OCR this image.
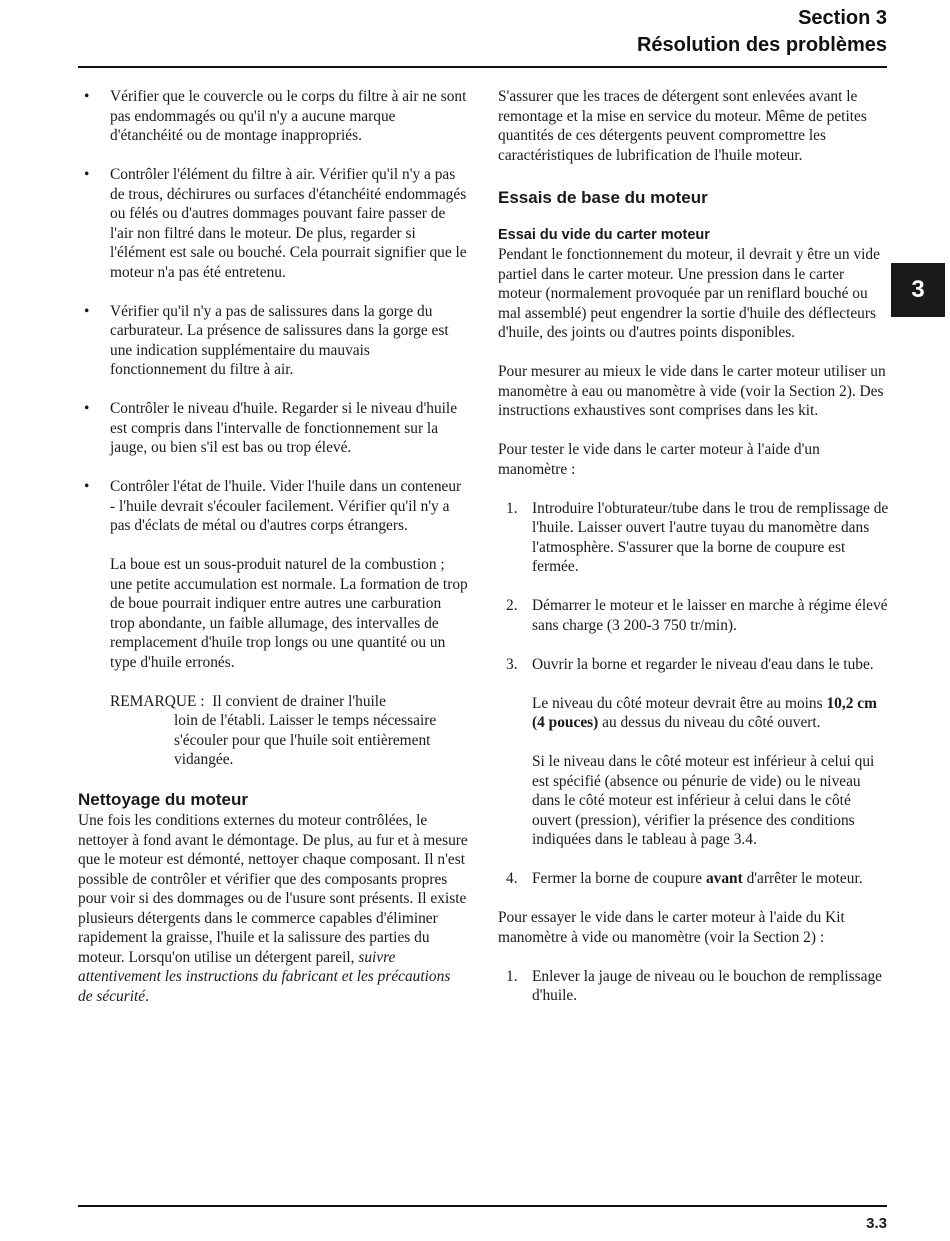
Section 3
Résolution des problèmes
3
• Vérifier que le couvercle ou le corps du filtre à air ne sont pas endommagés ou qu'il n'y a aucune marque d'étanchéité ou de montage inappropriés.

• Contrôler l'élément du filtre à air. Vérifier qu'il n'y a pas de trous, déchirures ou surfaces d'étanchéité endommagés ou félés ou d'autres dommages pouvant faire passer de l'air non filtré dans le moteur. De plus, regarder si l'élément est sale ou bouché. Cela pourrait signifier que le moteur n'a pas été entretenu.

• Vérifier qu'il n'y a pas de salissures dans la gorge du carburateur. La présence de salissures dans la gorge est une indication supplémentaire du mauvais fonctionnement du filtre à air.

• Contrôler le niveau d'huile. Regarder si le niveau d'huile est compris dans l'intervalle de fonctionnement sur la jauge, ou bien s'il est bas ou trop élevé.

• Contrôler l'état de l'huile. Vider l'huile dans un conteneur - l'huile devrait s'écouler facilement. Vérifier qu'il n'y a pas d'éclats de métal ou d'autres corps étrangers.

La boue est un sous-produit naturel de la combustion ; une petite accumulation est normale. La formation de trop de boue pourrait indiquer entre autres une carburation trop abondante, un faible allumage, des intervalles de remplacement d'huile trop longs ou une quantité ou un type d'huile erronés.

REMARQUE : Il convient de drainer l'huile
loin de l'établi. Laisser le temps nécessaire s'écouler pour que l'huile soit entièrement vidangée.
Nettoyage du moteur

Une fois les conditions externes du moteur contrôlées, le nettoyer à fond avant le démontage. De plus, au fur et à mesure que le moteur est démonté, nettoyer chaque composant. Il n'est possible de contrôler et vérifier que des composants propres pour voir si des dommages ou de l'usure sont présents. Il existe plusieurs détergents dans le commerce capables d'éliminer rapidement la graisse, l'huile et la salissure des parties du moteur. Lorsqu'on utilise un détergent pareil, suivre attentivement les instructions du fabricant et les précautions de sécurité.

S'assurer que les traces de détergent sont enlevées avant le remontage et la mise en service du moteur. Même de petites quantités de ces détergents peuvent compromettre les caractéristiques de lubrification de l'huile moteur.

Essais de base du moteur
Essai du vide du carter moteur

Pendant le fonctionnement du moteur, il devrait y être un vide partiel dans le carter moteur. Une pression dans le carter moteur (normalement provoquée par un reniflard bouché ou mal assemblé) peut engendrer la sortie d'huile des déflecteurs d'huile, des joints ou d'autres points disponibles.

Pour mesurer au mieux le vide dans le carter moteur utiliser un manomètre à eau ou manomètre à vide (voir la Section 2). Des instructions exhaustives sont comprises dans les kit.

Pour tester le vide dans le carter moteur à l'aide d'un manomètre :

1. Introduire l'obturateur/tube dans le trou de remplissage de l'huile. Laisser ouvert l'autre tuyau du manomètre dans l'atmosphère. S'assurer que la borne de coupure est fermée.

2. Démarrer le moteur et le laisser en marche à régime élevé sans charge (3 200-3 750 tr/min).

3. Ouvrir la borne et regarder le niveau d'eau dans le tube.

Le niveau du côté moteur devrait être au moins 10,2 cm (4 pouces) au dessus du niveau du côté ouvert.

Si le niveau dans le côté moteur est inférieur à celui qui est spécifié (absence ou pénurie de vide) ou le niveau dans le côté moteur est inférieur à celui dans le côté ouvert (pression), vérifier la présence des conditions indiquées dans le tableau à page 3.4.

4. Fermer la borne de coupure avant d'arrêter le moteur.

Pour essayer le vide dans le carter moteur à l'aide du Kit manomètre à vide ou manomètre (voir la Section 2) :

1. Enlever la jauge de niveau ou le bouchon de remplissage d'huile.

3.3
